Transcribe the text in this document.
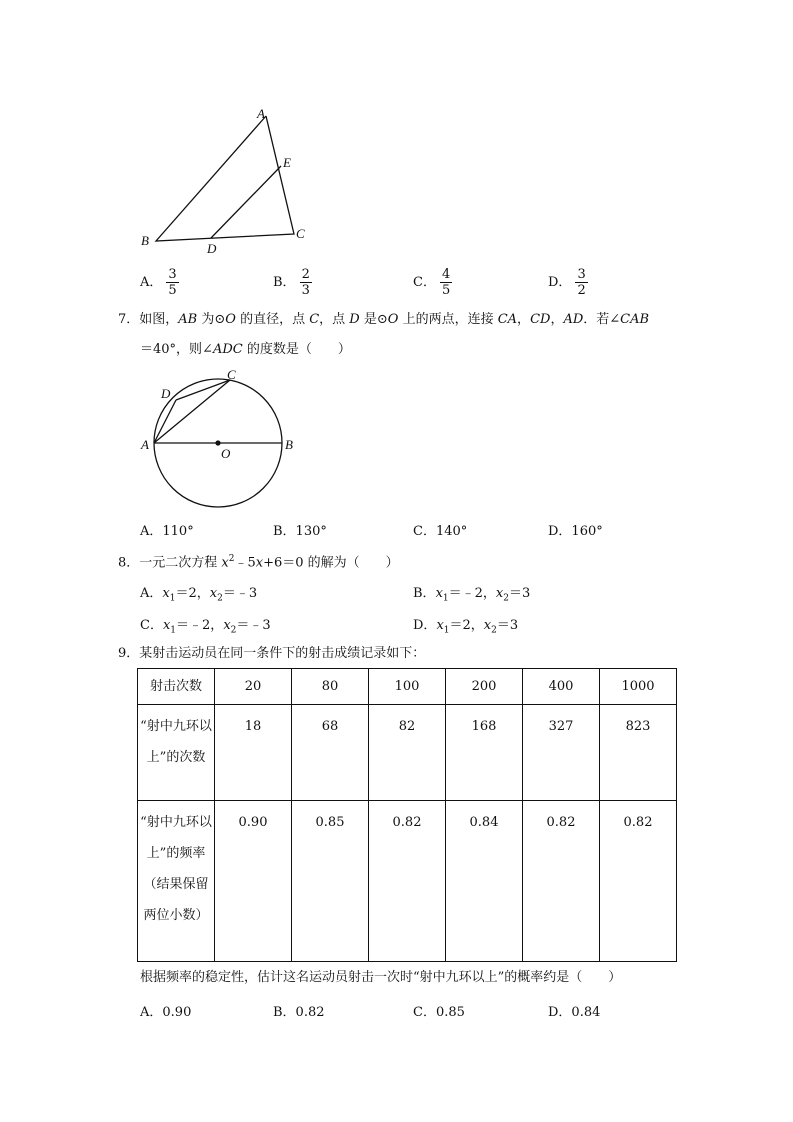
A
E
B
D
C
A． $\frac{3}{5}$	B． $\frac{2}{3}$	C． $\frac{4}{5}$	D． $\frac{3}{2}$
7．如图，AB 为⊙O 的直径，点 C，点 D 是⊙O 上的两点，连接 CA，CD，AD．若∠CAB
＝40°，则∠ADC 的度数是（　　）
C
D
A	B
O
A．110°	B．130°	C．140°	D．160°
8．一元二次方程 $x^2﹣5x+6=0$ 的解为（　　）
A．$x_1=2$，$x_2=﹣3$	B．$x_1=﹣2$，$x_2=3$
C．$x_1=﹣2$，$x_2=﹣3$	D．$x_1=2$，$x_2=3$
9．某射击运动员在同一条件下的射击成绩记录如下：
射击次数	20	80	100	200	400	1000
“射中九环以上”的次数	18	68	82	168	327	823
“射中九环以上”的频率（结果保留两位小数）	0.90	0.85	0.82	0.84	0.82	0.82
根据频率的稳定性，估计这名运动员射击一次时“射中九环以上”的概率约是（　　）
A．0.90	B．0.82	C．0.85	D．0.84
